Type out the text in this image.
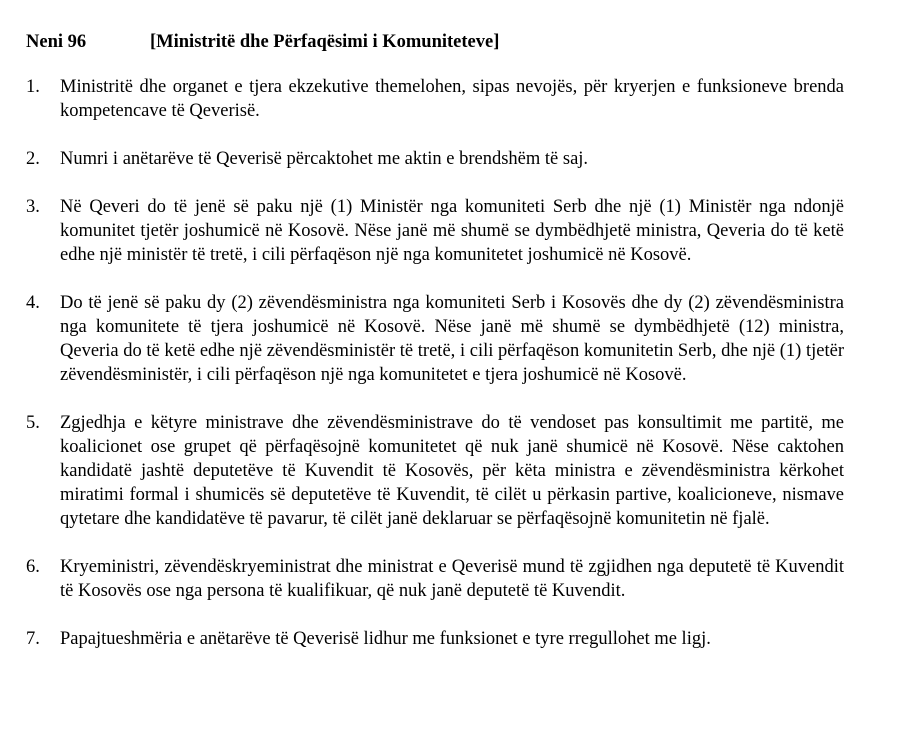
Neni 96	[Ministritë dhe Përfaqësimi i Komuniteteve]
1.	Ministritë dhe organet e tjera ekzekutive themelohen, sipas nevojës, për kryerjen e funksioneve brenda kompetencave të Qeverisë.
2.	Numri i anëtarëve të Qeverisë përcaktohet me aktin e brendshëm të saj.
3.	Në Qeveri do të jenë së paku një (1) Ministër nga komuniteti Serb dhe një (1) Ministër nga ndonjë komunitet tjetër joshumicë në Kosovë. Nëse janë më shumë se dymbëdhjetë ministra, Qeveria do të ketë edhe një ministër të tretë, i cili përfaqëson një nga komunitetet joshumicë në Kosovë.
4.	Do të jenë së paku dy (2) zëvendësministra nga komuniteti Serb i Kosovës dhe dy (2) zëvendësministra nga komunitete të tjera joshumicë në Kosovë. Nëse janë më shumë se dymbëdhjetë (12) ministra, Qeveria do të ketë edhe një zëvendësministër të tretë, i cili përfaqëson komunitetin Serb, dhe një (1) tjetër zëvendësministër, i cili përfaqëson një nga komunitetet e tjera joshumicë në Kosovë.
5.	Zgjedhja e këtyre ministrave dhe zëvendësministrave do të vendoset pas konsultimit me partitë, me koalicionet ose grupet që përfaqësojnë komunitetet që nuk janë shumicë në Kosovë. Nëse caktohen kandidatë jashtë deputetëve të Kuvendit të Kosovës, për këta ministra e zëvendësministra kërkohet miratimi formal i shumicës së deputetëve të Kuvendit, të cilët u përkasin partive, koalicioneve, nismave qytetare dhe kandidatëve të pavarur, të cilët janë deklaruar se përfaqësojnë komunitetin në fjalë.
6.	Kryeministri, zëvendëskryeministrat dhe ministrat e Qeverisë mund të zgjidhen nga deputetë të Kuvendit të Kosovës ose nga persona të kualifikuar, që nuk janë deputetë të Kuvendit.
7.	Papajtueshmëria e anëtarëve të Qeverisë lidhur me funksionet e tyre rregullohet me ligj.
